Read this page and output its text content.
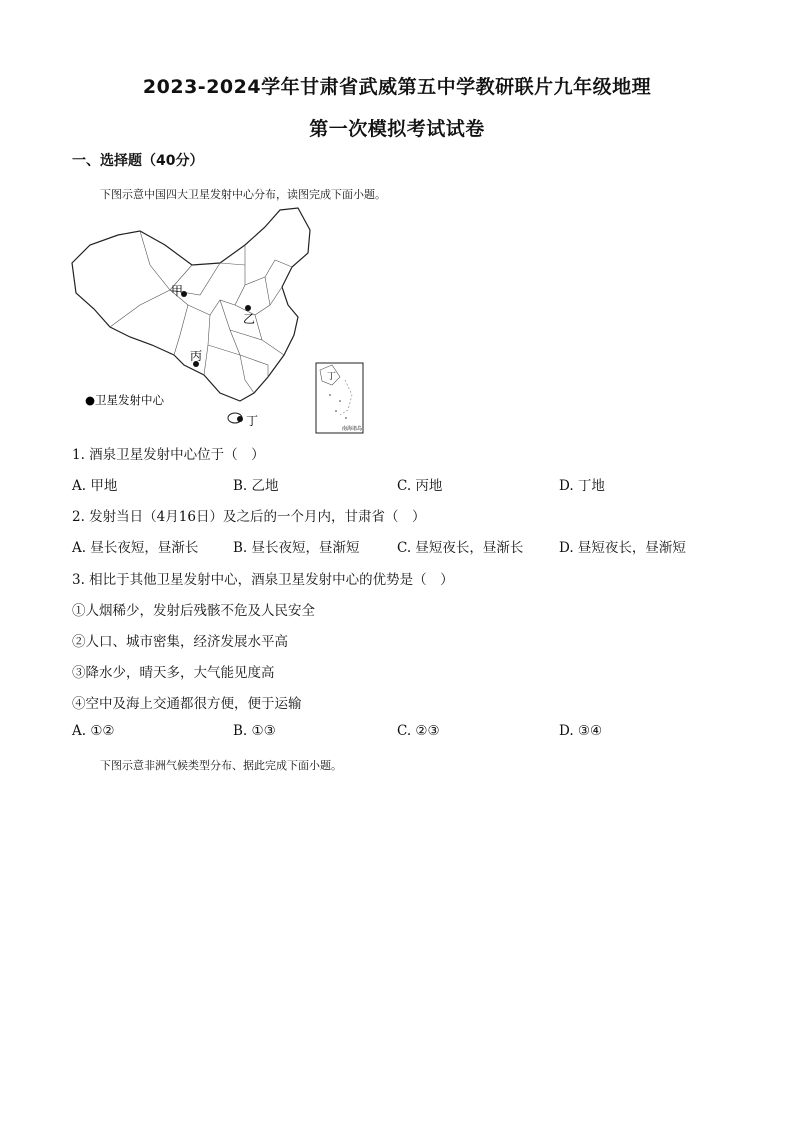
2023-2024学年甘肃省武威第五中学教研联片九年级地理
第一次模拟考试试卷
一、选择题（40分）
下图示意中国四大卫星发射中心分布，读图完成下面小题。
甲
乙
丙
丁
●卫星发射中心
丁
南海诸岛
1. 酒泉卫星发射中心位于（　）
A. 甲地	B. 乙地	C. 丙地	D. 丁地
2. 发射当日（4月16日）及之后的一个月内，甘肃省（　）
A. 昼长夜短，昼渐长	B. 昼长夜短，昼渐短	C. 昼短夜长，昼渐长	D. 昼短夜长，昼渐短
3. 相比于其他卫星发射中心，酒泉卫星发射中心的优势是（　）
①人烟稀少，发射后残骸不危及人民安全
②人口、城市密集，经济发展水平高
③降水少，晴天多，大气能见度高
④空中及海上交通都很方便，便于运输
A. ①②	B. ①③	C. ②③	D. ③④
下图示意非洲气候类型分布、据此完成下面小题。
